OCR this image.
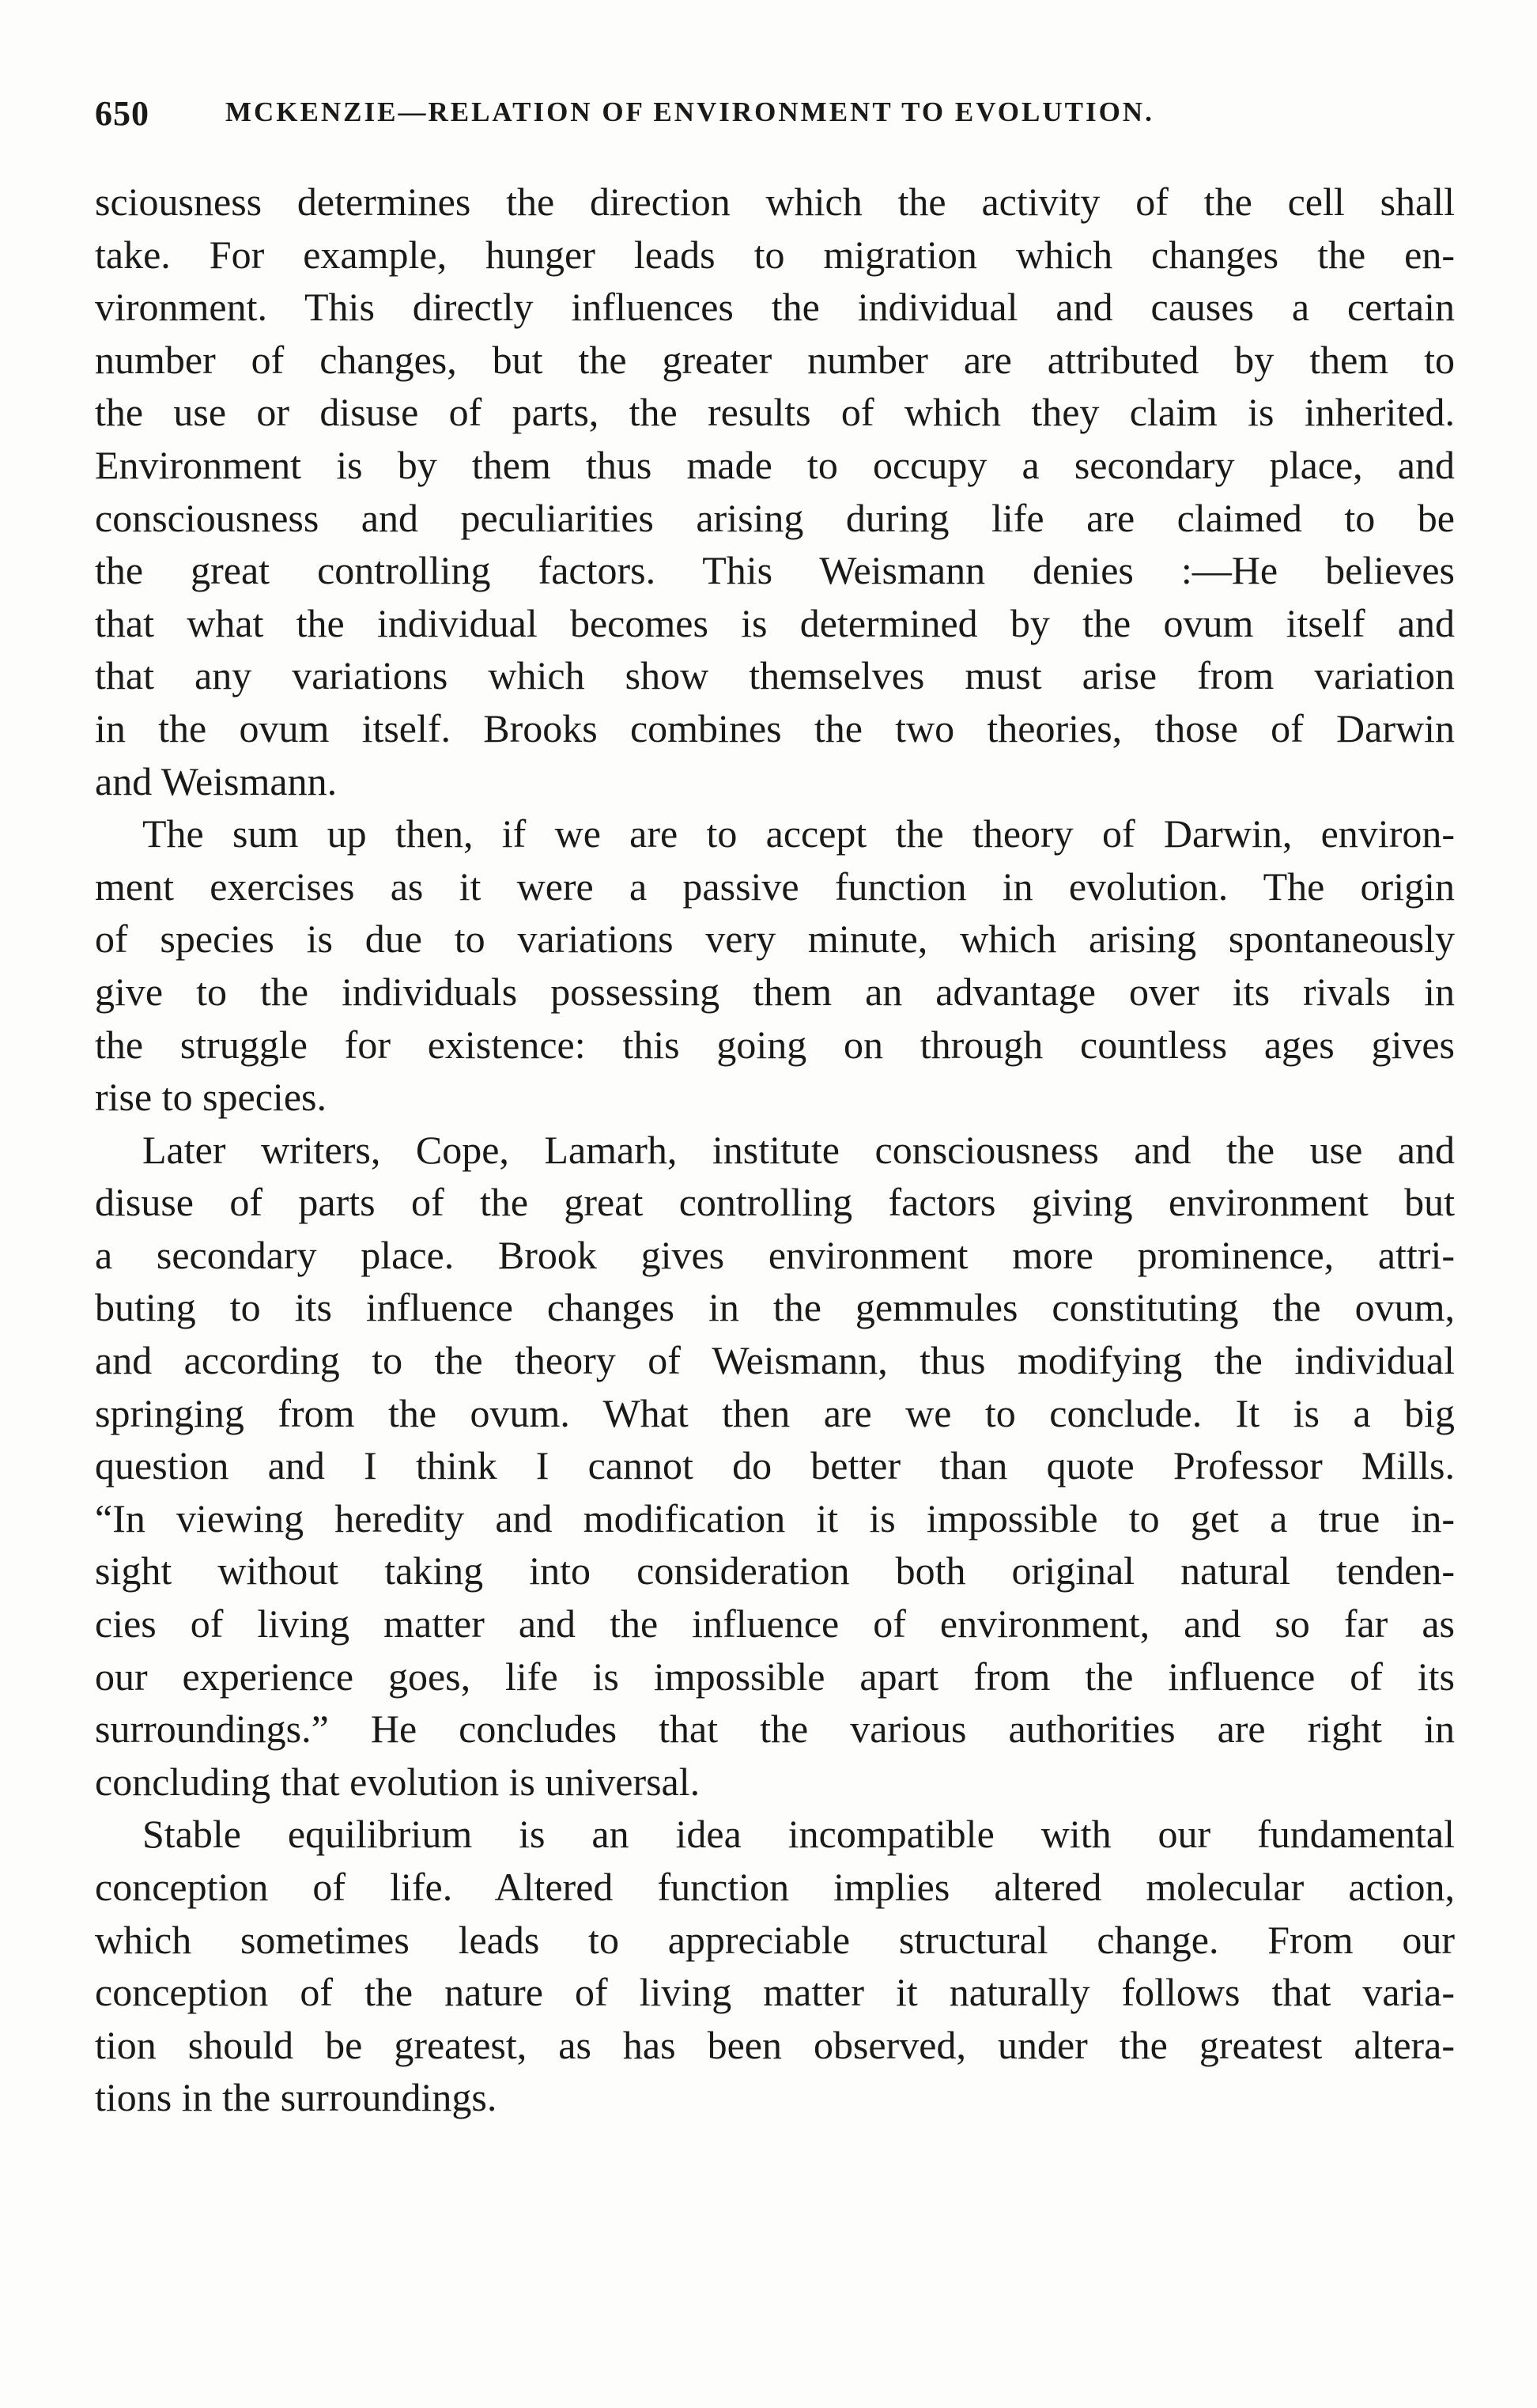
650	MCKENZIE—RELATION OF ENVIRONMENT TO EVOLUTION.
sciousness determines the direction which the activity of the cell shall
take. For example, hunger leads to migration which changes the en-
vironment. This directly influences the individual and causes a certain
number of changes, but the greater number are attributed by them to
the use or disuse of parts, the results of which they claim is inherited.
Environment is by them thus made to occupy a secondary place, and
consciousness and peculiarities arising during life are claimed to be
the great controlling factors. This Weismann denies :—He believes
that what the individual becomes is determined by the ovum itself and
that any variations which show themselves must arise from variation
in the ovum itself. Brooks combines the two theories, those of Darwin
and Weismann.
The sum up then, if we are to accept the theory of Darwin, environ-
ment exercises as it were a passive function in evolution. The origin
of species is due to variations very minute, which arising spontaneously
give to the individuals possessing them an advantage over its rivals in
the struggle for existence: this going on through countless ages gives
rise to species.
Later writers, Cope, Lamarh, institute consciousness and the use and
disuse of parts of the great controlling factors giving environment but
a secondary place. Brook gives environment more prominence, attri-
buting to its influence changes in the gemmules constituting the ovum,
and according to the theory of Weismann, thus modifying the individual
springing from the ovum. What then are we to conclude. It is a big
question and I think I cannot do better than quote Professor Mills.
“In viewing heredity and modification it is impossible to get a true in-
sight without taking into consideration both original natural tenden-
cies of living matter and the influence of environment, and so far as
our experience goes, life is impossible apart from the influence of its
surroundings.” He concludes that the various authorities are right in
concluding that evolution is universal.
Stable equilibrium is an idea incompatible with our fundamental
conception of life. Altered function implies altered molecular action,
which sometimes leads to appreciable structural change. From our
conception of the nature of living matter it naturally follows that varia-
tion should be greatest, as has been observed, under the greatest altera-
tions in the surroundings.
